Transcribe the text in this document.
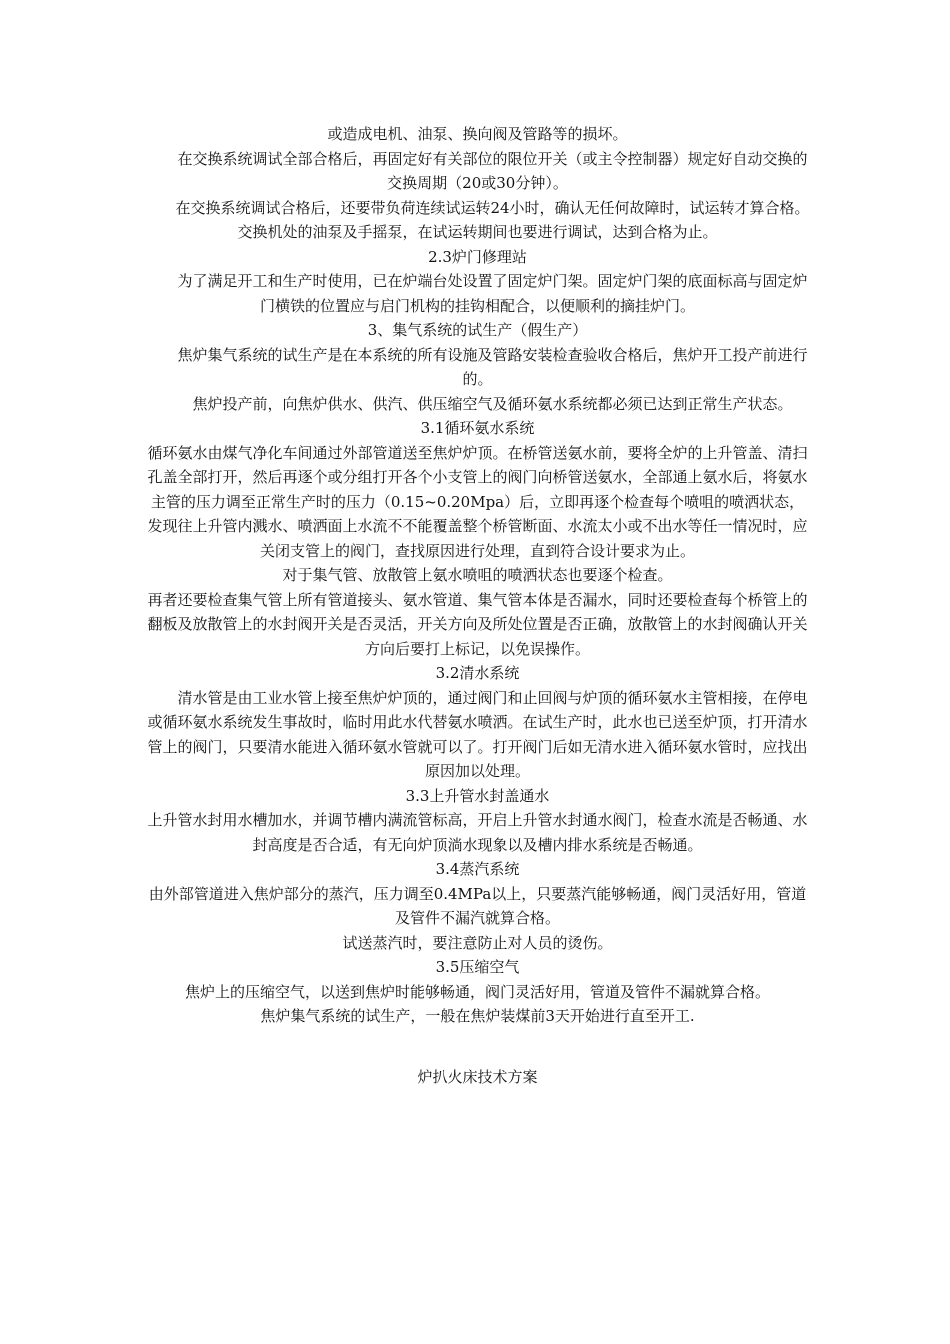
或造成电机、油泵、换向阀及管路等的损坏。

在交换系统调试全部合格后，再固定好有关部位的限位开关（或主令控制器）规定好自动交换的交换周期（20或30分钟）。

在交换系统调试合格后，还要带负荷连续试运转24小时，确认无任何故障时，试运转才算合格。

交换机处的油泵及手摇泵，在试运转期间也要进行调试，达到合格为止。

2.3炉门修理站

为了满足开工和生产时使用，已在炉端台处设置了固定炉门架。固定炉门架的底面标高与固定炉门横铁的位置应与启门机构的挂钩相配合，以便顺利的摘挂炉门。

3、集气系统的试生产（假生产）

焦炉集气系统的试生产是在本系统的所有设施及管路安装检查验收合格后，焦炉开工投产前进行的。

焦炉投产前，向焦炉供水、供汽、供压缩空气及循环氨水系统都必须已达到正常生产状态。

3.1循环氨水系统

循环氨水由煤气净化车间通过外部管道送至焦炉炉顶。在桥管送氨水前，要将全炉的上升管盖、清扫孔盖全部打开，然后再逐个或分组打开各个小支管上的阀门向桥管送氨水，全部通上氨水后，将氨水主管的压力调至正常生产时的压力（0.15~0.20Mpa）后，立即再逐个检查每个喷咀的喷洒状态，发现往上升管内溅水、喷洒面上水流不不能覆盖整个桥管断面、水流太小或不出水等任一情况时，应关闭支管上的阀门，查找原因进行处理，直到符合设计要求为止。

对于集气管、放散管上氨水喷咀的喷洒状态也要逐个检查。

再者还要检查集气管上所有管道接头、氨水管道、集气管本体是否漏水，同时还要检查每个桥管上的翻板及放散管上的水封阀开关是否灵活，开关方向及所处位置是否正确，放散管上的水封阀确认开关方向后要打上标记，以免误操作。

3.2清水系统

清水管是由工业水管上接至焦炉炉顶的，通过阀门和止回阀与炉顶的循环氨水主管相接，在停电或循环氨水系统发生事故时，临时用此水代替氨水喷洒。在试生产时，此水也已送至炉顶，打开清水管上的阀门，只要清水能进入循环氨水管就可以了。打开阀门后如无清水进入循环氨水管时，应找出原因加以处理。

3.3上升管水封盖通水

上升管水封用水槽加水，并调节槽内满流管标高，开启上升管水封通水阀门，检查水流是否畅通、水封高度是否合适，有无向炉顶淌水现象以及槽内排水系统是否畅通。

3.4蒸汽系统

由外部管道进入焦炉部分的蒸汽，压力调至0.4MPa以上，只要蒸汽能够畅通，阀门灵活好用，管道及管件不漏汽就算合格。

试送蒸汽时，要注意防止对人员的烫伤。

3.5压缩空气

焦炉上的压缩空气，以送到焦炉时能够畅通，阀门灵活好用，管道及管件不漏就算合格。

焦炉集气系统的试生产，一般在焦炉装煤前3天开始进行直至开工.

炉扒火床技术方案
